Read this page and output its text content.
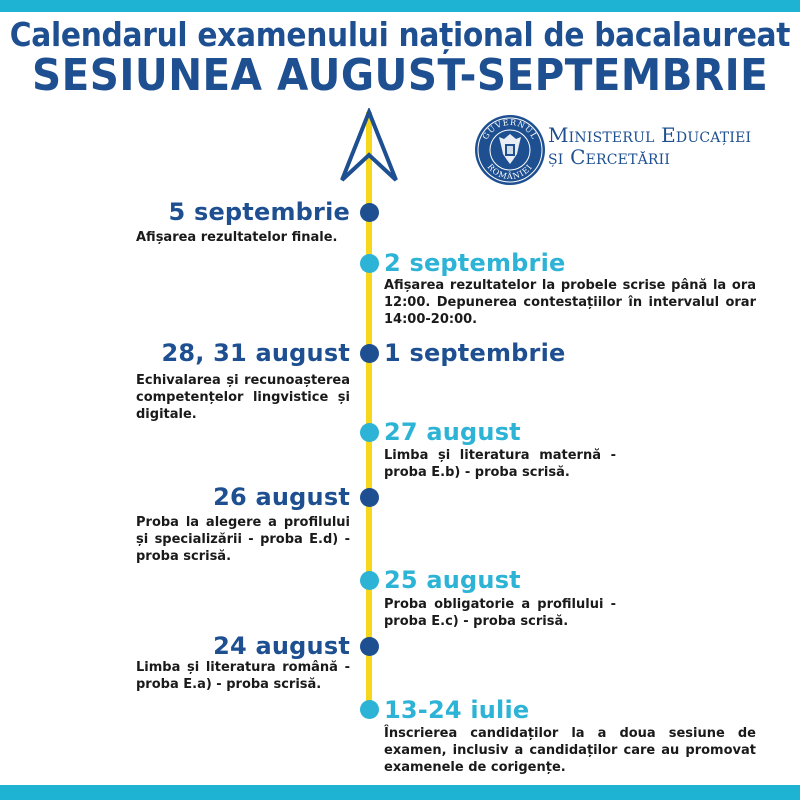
Calendarul examenului național de bacalaureat
SESIUNEA AUGUST-SEPTEMBRIE
GUVERNUL
ROMÂNIEI
Ministerul Educației
și Cercetării
5 septembrie
Afișarea rezultatelor finale.
2 septembrie
Afișarea rezultatelor la probele scrise până la ora 12:00. Depunerea contestațiilor în intervalul orar 14:00-20:00.
28, 31 august 1 septembrie
Echivalarea și recunoașterea competențelor lingvistice și digitale.
27 august
Limba și literatura maternă - proba E.b) - proba scrisă.
26 august
Proba la alegere a profilului și specializării - proba E.d) - proba scrisă.
25 august
Proba obligatorie a profilului - proba E.c) - proba scrisă.
24 august
Limba și literatura română - proba E.a) - proba scrisă.
13-24 iulie
Înscrierea candidaților la a doua sesiune de examen, inclusiv a candidaților care au promovat examenele de corigențe.
